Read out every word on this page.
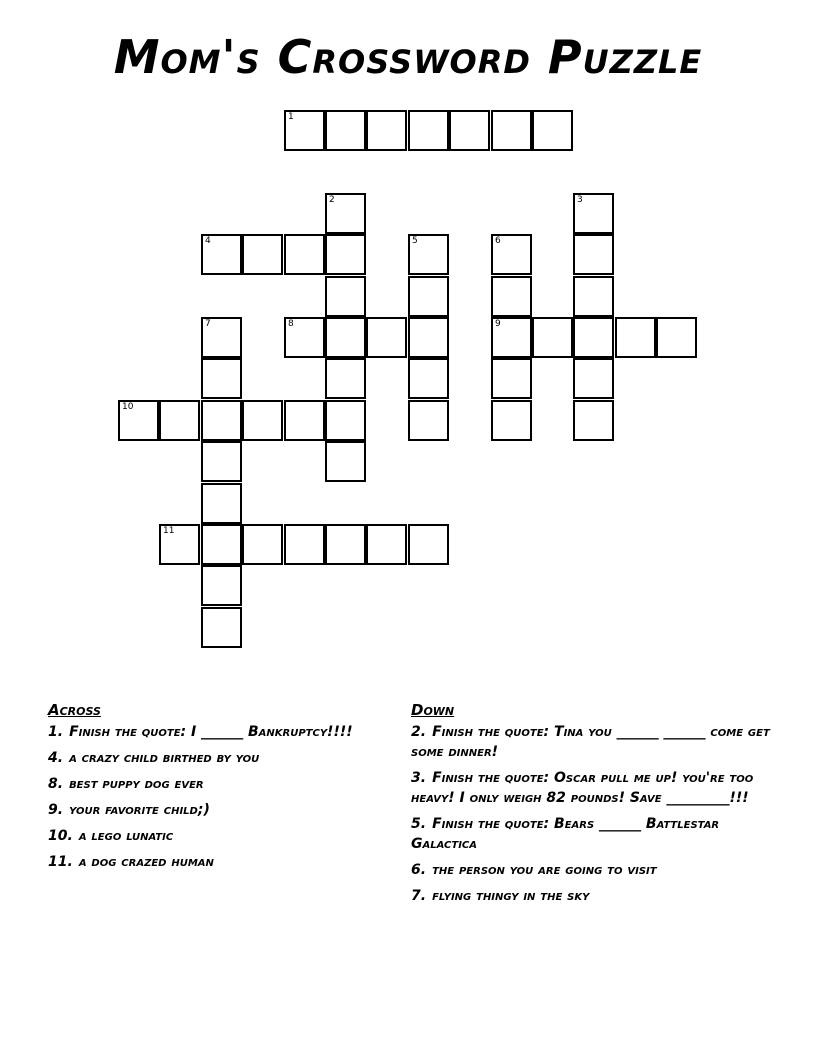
Mom's Crossword Puzzle
1
4
8	9
10
11
2	3
5	6
7
Across
1. Finish the quote: I ______ Bankruptcy!!!!
4. a crazy child birthed by you
8. best puppy dog ever
9. your favorite child;)
10. a lego lunatic
11. a dog crazed human
Down
2. Finish the quote: Tina you ______ ______ come get some dinner!
3. Finish the quote: Oscar pull me up! you're too heavy! I only weigh 82 pounds! Save _________!!!
5. Finish the quote: Bears ______ Battlestar Galactica
6. the person you are going to visit
7. flying thingy in the sky
